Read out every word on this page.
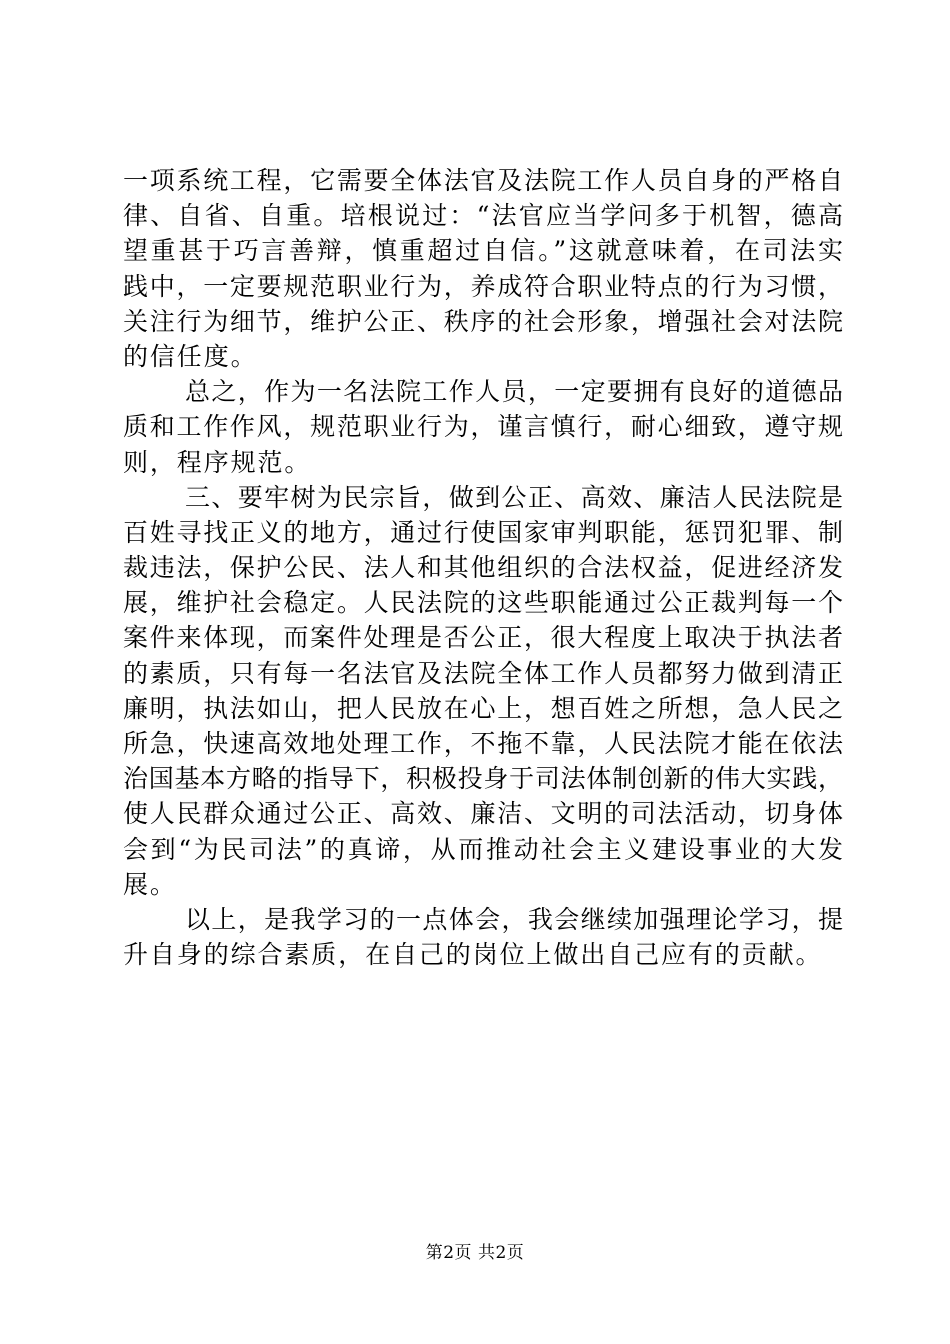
一项系统工程，它需要全体法官及法院工作人员自身的严格自
律、自省、自重。培根说过：“法官应当学问多于机智，德高
望重甚于巧言善辩，慎重超过自信。”这就意味着，在司法实
践中，一定要规范职业行为，养成符合职业特点的行为习惯，
关注行为细节，维护公正、秩序的社会形象，增强社会对法院
的信任度。
总之，作为一名法院工作人员，一定要拥有良好的道德品
质和工作作风，规范职业行为，谨言慎行，耐心细致，遵守规
则，程序规范。
三、要牢树为民宗旨，做到公正、高效、廉洁人民法院是
百姓寻找正义的地方，通过行使国家审判职能，惩罚犯罪、制
裁违法，保护公民、法人和其他组织的合法权益，促进经济发
展，维护社会稳定。人民法院的这些职能通过公正裁判每一个
案件来体现，而案件处理是否公正，很大程度上取决于执法者
的素质，只有每一名法官及法院全体工作人员都努力做到清正
廉明，执法如山，把人民放在心上，想百姓之所想，急人民之
所急，快速高效地处理工作，不拖不靠，人民法院才能在依法
治国基本方略的指导下，积极投身于司法体制创新的伟大实践，
使人民群众通过公正、高效、廉洁、文明的司法活动，切身体
会到“为民司法”的真谛，从而推动社会主义建设事业的大发
展。
以上，是我学习的一点体会，我会继续加强理论学习，提
升自身的综合素质，在自己的岗位上做出自己应有的贡献。
第2页 共2页
